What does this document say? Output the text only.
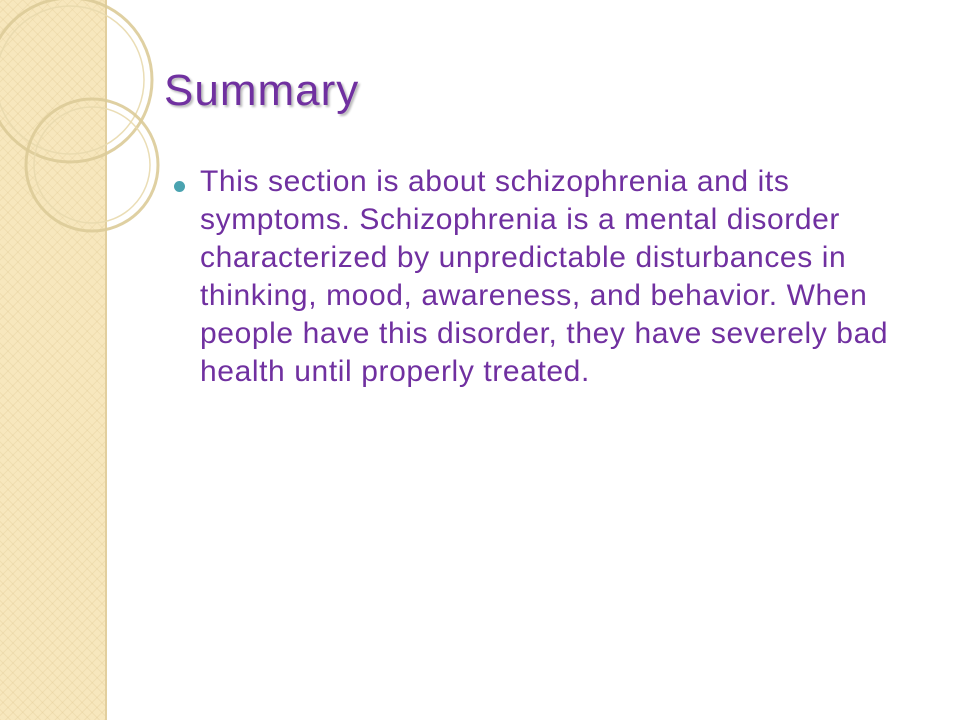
Summary
This section is about schizophrenia and its symptoms. Schizophrenia is a mental disorder characterized by unpredictable disturbances in thinking, mood, awareness, and behavior. When people have this disorder, they have severely bad health until properly treated.
